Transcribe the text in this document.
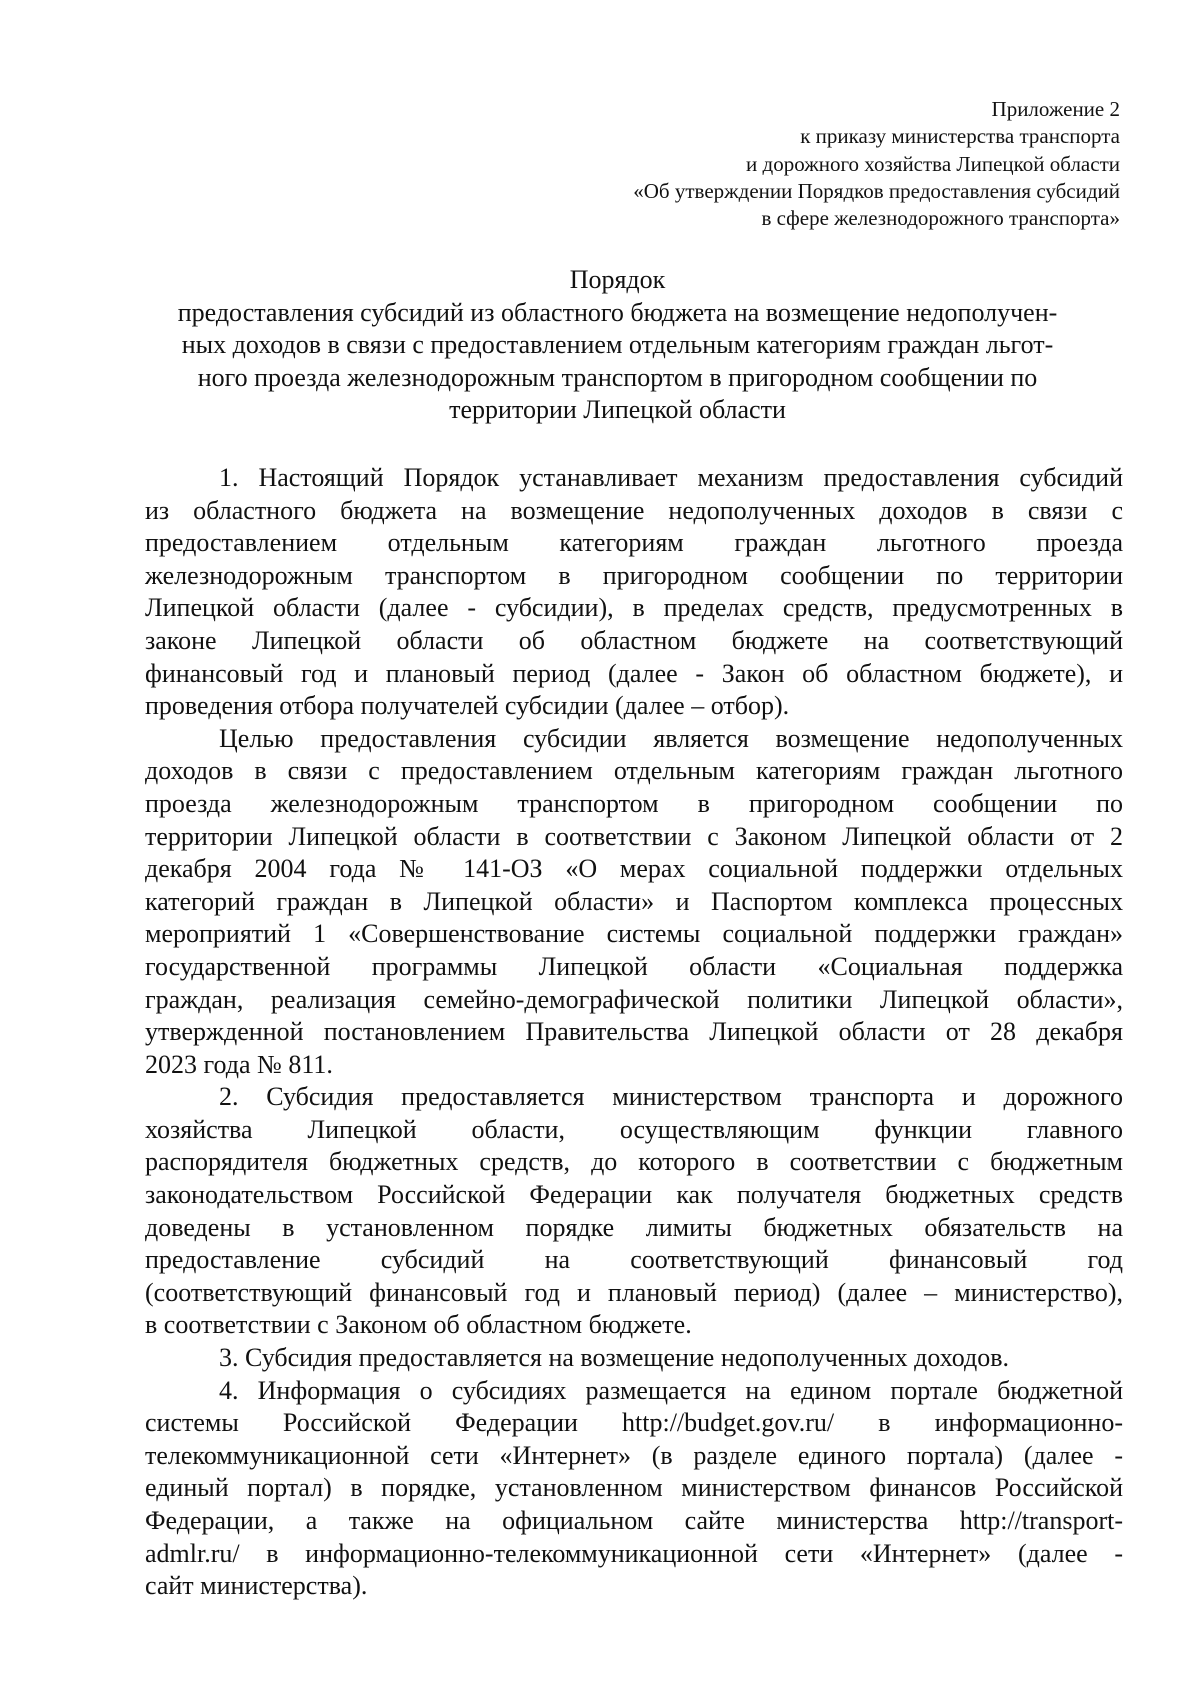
Приложение 2
к приказу министерства транспорта
и дорожного хозяйства Липецкой области
«Об утверждении Порядков предоставления субсидий
в сфере железнодорожного транспорта»
Порядок
предоставления субсидий из областного бюджета на возмещение недополучен-
ных доходов в связи с предоставлением отдельным категориям граждан льгот-
ного проезда железнодорожным транспортом в пригородном сообщении по
территории Липецкой области
1. Настоящий Порядок устанавливает механизм предоставления субсидий
из областного бюджета на возмещение недополученных доходов в связи с
предоставлением отдельным категориям граждан льготного проезда
железнодорожным транспортом в пригородном сообщении по территории
Липецкой области (далее - субсидии), в пределах средств, предусмотренных в
законе Липецкой области об областном бюджете на соответствующий
финансовый год и плановый период (далее - Закон об областном бюджете), и
проведения отбора получателей субсидии (далее – отбор).
Целью предоставления субсидии является возмещение недополученных
доходов в связи с предоставлением отдельным категориям граждан льготного
проезда железнодорожным транспортом в пригородном сообщении по
территории Липецкой области в соответствии с Законом Липецкой области от 2
декабря 2004 года № 141-ОЗ «О мерах социальной поддержки отдельных
категорий граждан в Липецкой области» и Паспортом комплекса процессных
мероприятий 1 «Совершенствование системы социальной поддержки граждан»
государственной программы Липецкой области «Социальная поддержка
граждан, реализация семейно-демографической политики Липецкой области»,
утвержденной постановлением Правительства Липецкой области от 28 декабря
2023 года № 811.
2. Субсидия предоставляется министерством транспорта и дорожного
хозяйства Липецкой области, осуществляющим функции главного
распорядителя бюджетных средств, до которого в соответствии с бюджетным
законодательством Российской Федерации как получателя бюджетных средств
доведены в установленном порядке лимиты бюджетных обязательств на
предоставление субсидий на соответствующий финансовый год
(соответствующий финансовый год и плановый период) (далее – министерство),
в соответствии с Законом об областном бюджете.
3. Субсидия предоставляется на возмещение недополученных доходов.
4. Информация о субсидиях размещается на едином портале бюджетной
системы Российской Федерации http://budget.gov.ru/ в информационно-
телекоммуникационной сети «Интернет» (в разделе единого портала) (далее -
единый портал) в порядке, установленном министерством финансов Российской
Федерации, а также на официальном сайте министерства http://transport-
admlr.ru/ в информационно-телекоммуникационной сети «Интернет» (далее -
сайт министерства).
